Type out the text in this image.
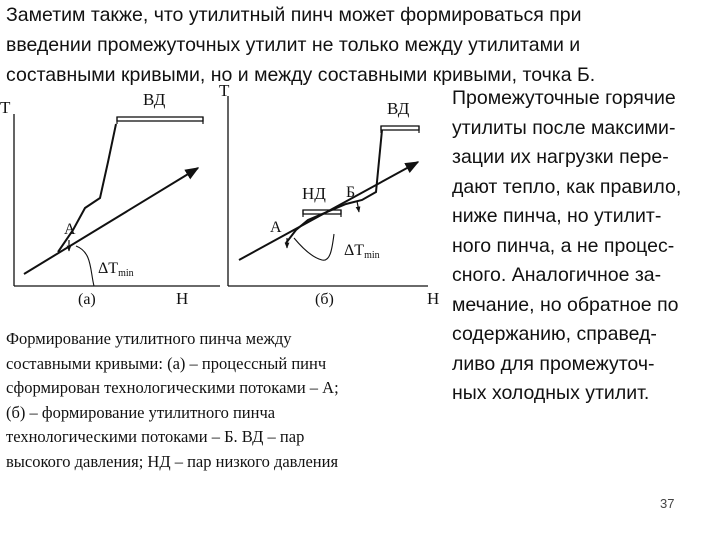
Заметим также, что утилитный пинч может формироваться при
введении промежуточных утилит не только между утилитами и
составными кривыми, но и между составными кривыми, точка Б.
Т
Н
(а)
ВД
А
ΔTmin
Т
Н
(б)
ВД
НД Б
А
ΔTmin
Промежуточные горячие
утилиты после максими-
зации их нагрузки пере-
дают тепло, как правило,
ниже пинча, но утилит-
ного пинча, а не процес-
сного. Аналогичное за-
мечание, но обратное по
содержанию, справед-
ливо для промежуточ-
ных холодных утилит.
Формирование утилитного пинча между
составными кривыми: (а) – процессный пинч
сформирован технологическими потоками – А;
(б) – формирование утилитного пинча
технологическими потоками – Б. ВД – пар
высокого давления; НД – пар низкого давления
37
